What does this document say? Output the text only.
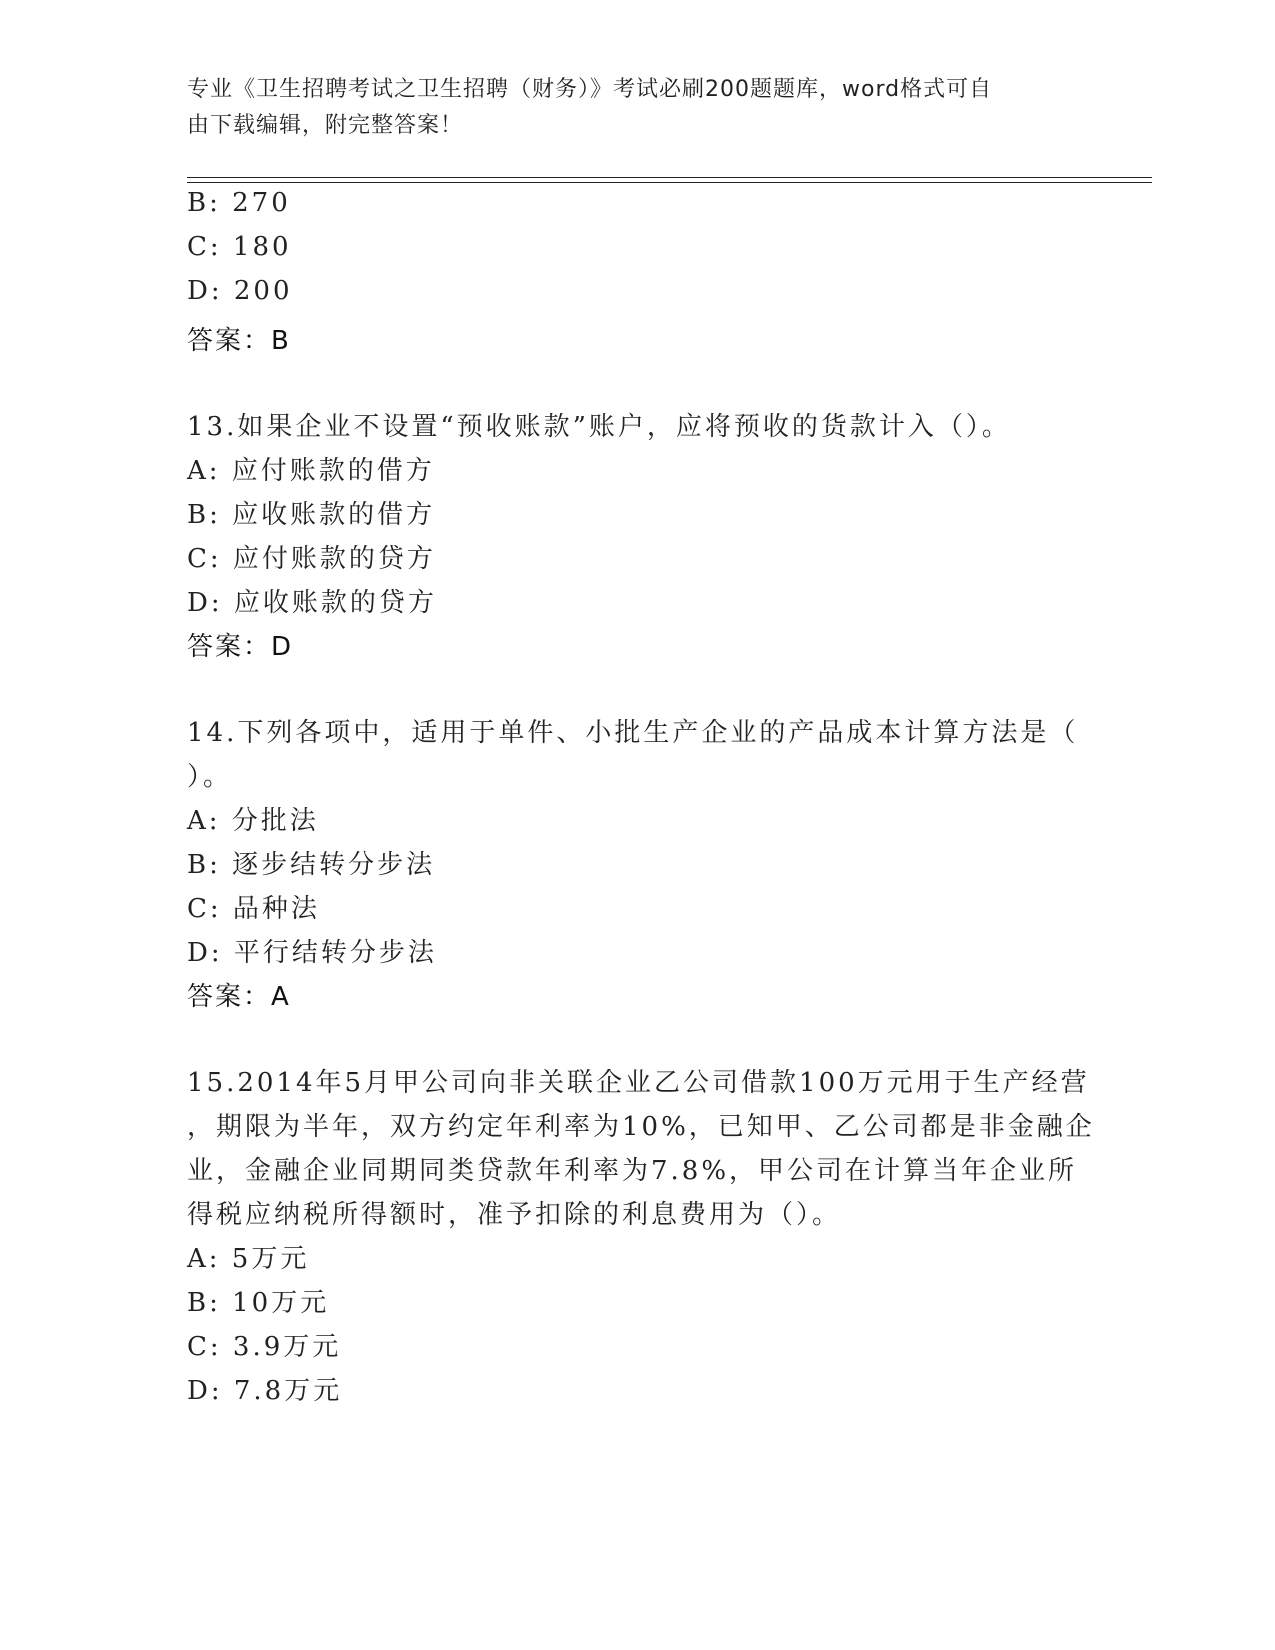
专业《卫生招聘考试之卫生招聘（财务）》考试必刷200题题库，word格式可自
由下载编辑，附完整答案！
B: 270
C: 180
D: 200
答案：B
13.如果企业不设置“预收账款”账户，应将预收的货款计入（）。
A: 应付账款的借方
B: 应收账款的借方
C: 应付账款的贷方
D: 应收账款的贷方
答案：D
14.下列各项中，适用于单件、小批生产企业的产品成本计算方法是（
）。
A: 分批法
B: 逐步结转分步法
C: 品种法
D: 平行结转分步法
答案：A
15.2014年5月甲公司向非关联企业乙公司借款100万元用于生产经营
，期限为半年，双方约定年利率为10%，已知甲、乙公司都是非金融企
业，金融企业同期同类贷款年利率为7.8%，甲公司在计算当年企业所
得税应纳税所得额时，准予扣除的利息费用为（）。
A: 5万元
B: 10万元
C: 3.9万元
D: 7.8万元
